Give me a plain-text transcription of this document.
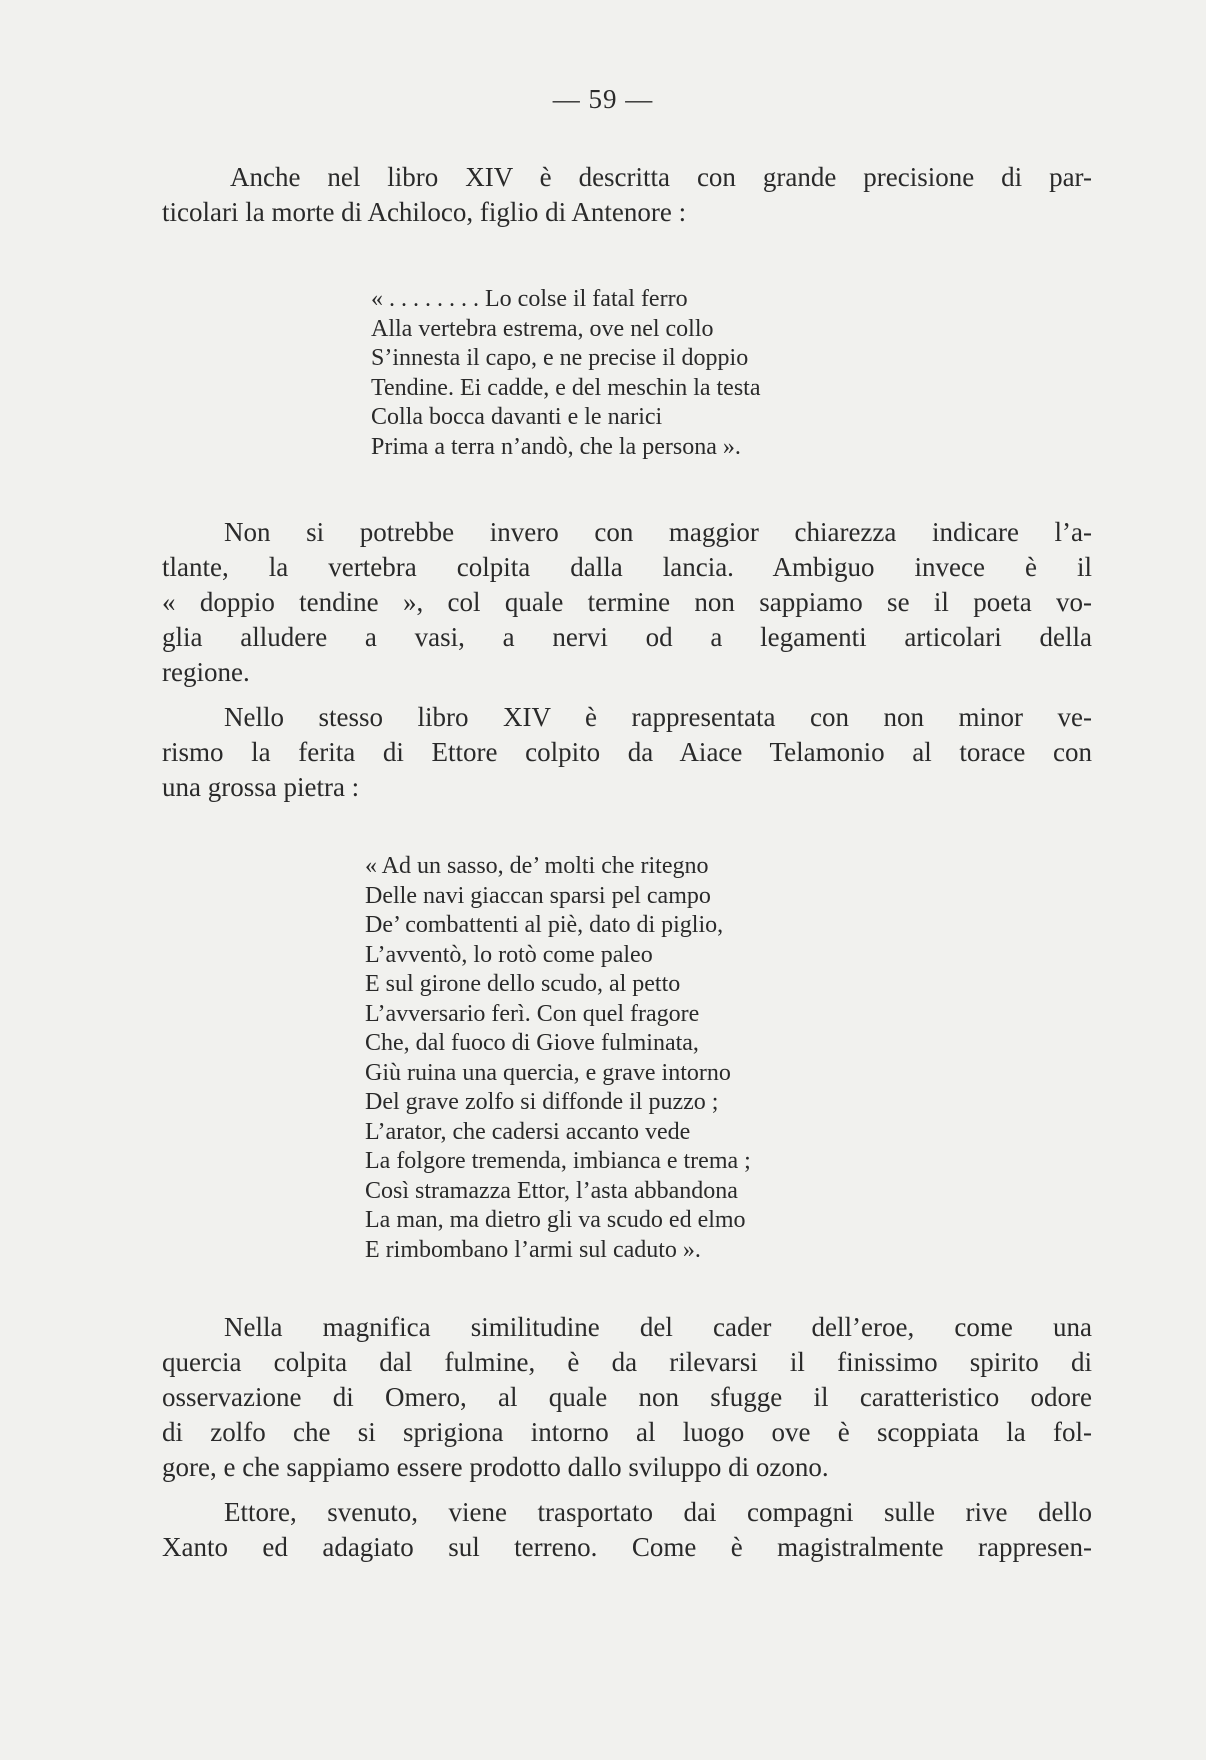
— 59 —
Anche nel libro XIV è descritta con grande precisione di par-
ticolari la morte di Achiloco, figlio di Antenore :
« . . . . . . . . Lo colse il fatal ferro
Alla vertebra estrema, ove nel collo
S’innesta il capo, e ne precise il doppio
Tendine. Ei cadde, e del meschin la testa
Colla bocca davanti e le narici
Prima a terra n’andò, che la persona ».
Non si potrebbe invero con maggior chiarezza indicare l’a-
tlante, la vertebra colpita dalla lancia. Ambiguo invece è il
« doppio tendine », col quale termine non sappiamo se il poeta vo-
glia alludere a vasi, a nervi od a legamenti articolari della
regione.
Nello stesso libro XIV è rappresentata con non minor ve-
rismo la ferita di Ettore colpito da Aiace Telamonio al torace con
una grossa pietra :
« Ad un sasso, de’ molti che ritegno
Delle navi giaccan sparsi pel campo
De’ combattenti al piè, dato di piglio,
L’avventò, lo rotò come paleo
E sul girone dello scudo, al petto
L’avversario ferì. Con quel fragore
Che, dal fuoco di Giove fulminata,
Giù ruina una quercia, e grave intorno
Del grave zolfo si diffonde il puzzo ;
L’arator, che cadersi accanto vede
La folgore tremenda, imbianca e trema ;
Così stramazza Ettor, l’asta abbandona
La man, ma dietro gli va scudo ed elmo
E rimbombano l’armi sul caduto ».
Nella magnifica similitudine del cader dell’eroe, come una
quercia colpita dal fulmine, è da rilevarsi il finissimo spirito di
osservazione di Omero, al quale non sfugge il caratteristico odore
di zolfo che si sprigiona intorno al luogo ove è scoppiata la fol-
gore, e che sappiamo essere prodotto dallo sviluppo di ozono.
Ettore, svenuto, viene trasportato dai compagni sulle rive dello
Xanto ed adagiato sul terreno. Come è magistralmente rappresen-
